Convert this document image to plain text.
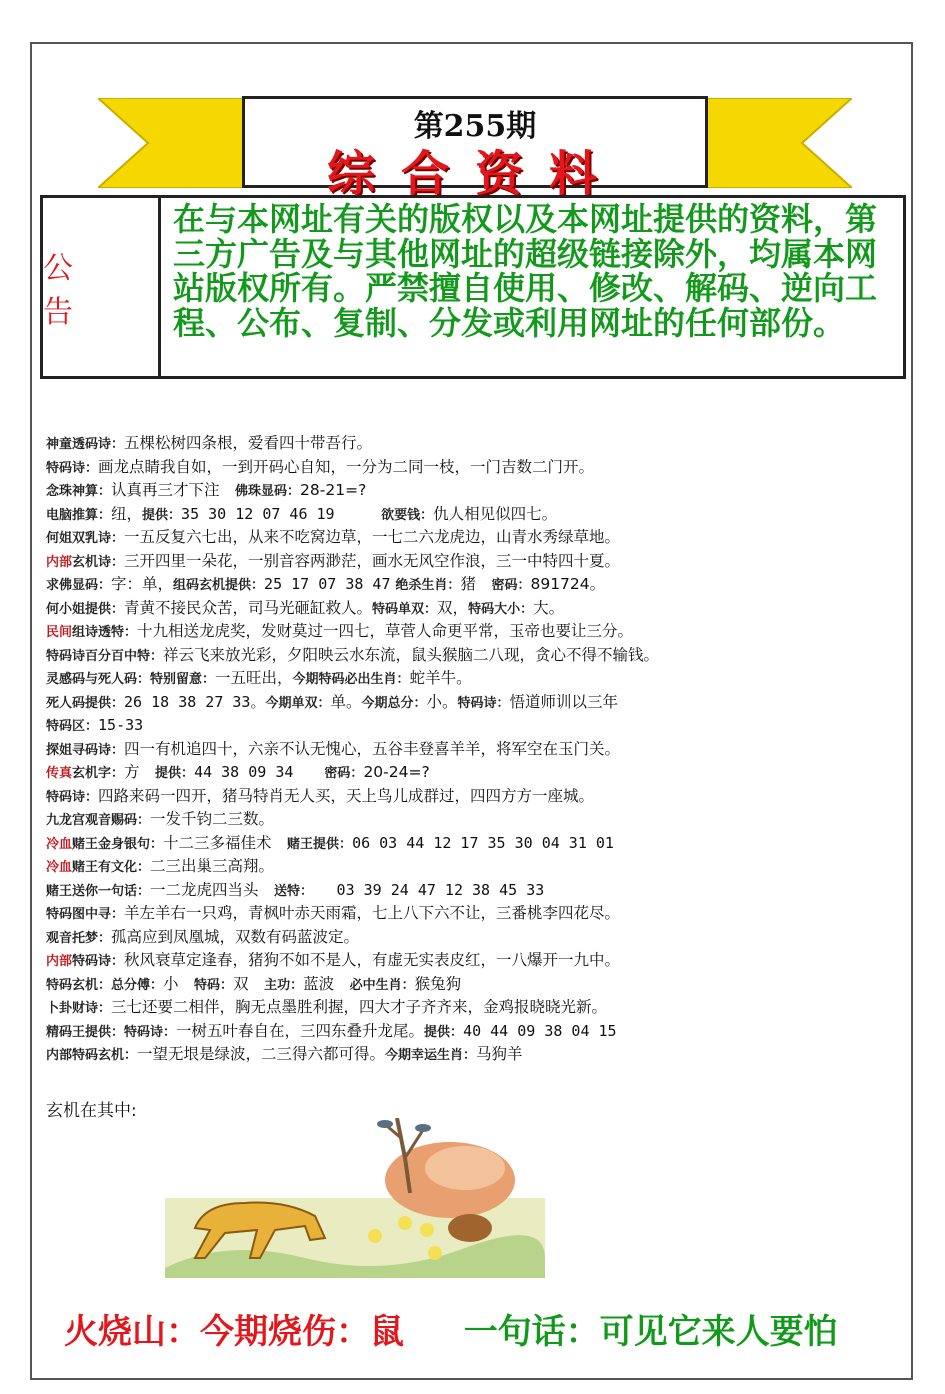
第255期
综合资料
公 告
在与本网址有关的版权以及本网址提供的资料，第三方广告及与其他网址的超级链接除外，均属本网站版权所有。严禁擅自使用、修改、解码、逆向工程、公布、复制、分发或利用网址的任何部份。
神童透码诗：五棵松树四条根，爱看四十带吾行。
特码诗：画龙点睛我自如，一到开码心自知，一分为二同一枝，一门吉数二门开。
念珠神算：认真再三才下注　佛珠显码：28-21=?
电脑推算：纽，提供：35 30 12 07 46 19　　　	欲要钱：仇人相见似四七。
何姐双乳诗：一五反复六七出，从来不吃窝边草，一七二六龙虎边，山青水秀绿草地。
内部玄机诗：三开四里一朵花，一别音容两渺茫，画水无风空作浪，三一中特四十夏。
求佛显码：字：单，组码玄机提供：25 17 07 38 47 绝杀生肖：猪　密码：891724。
何小姐提供：青黄不接民众苦，司马光砸缸救人。特码单双：双，特码大小：大。
民间组诗透特：十九相送龙虎奖，发财莫过一四七，草菅人命更平常，玉帝也要让三分。
特码诗百分百中特：祥云飞来放光彩，夕阳映云水东流，鼠头猴脑二八现，贪心不得不输钱。
灵感码与死人码：特别留意：一五旺出，今期特码必出生肖：蛇羊牛。
死人码提供：26 18 38 27 33。今期单双：单。今期总分：小。特码诗：悟道师训以三年
特码区：15-33
探姐寻码诗：四一有机追四十，六亲不认无愧心，五谷丰登喜羊羊，将军空在玉门关。
传真玄机字：方　提供：44 38 09 34　　 密码：20-24=?
特码诗：四路来码一四开，猪马特肖无人买，天上鸟儿成群过，四四方方一座城。
九龙宫观音赐码：一发千钧二三数。
冷血赌王金身银句：十二三多福佳术　赌王提供：06 03 44 12 17 35 30 04 31 01
冷血赌王有文化：二三出巢三高翔。
赌王送你一句话：一二龙虎四当头　送特：　　03 39 24 47 12 38 45 33
特码图中寻：羊左羊右一只鸡，青枫叶赤天雨霜，七上八下六不让，三番桃李四花尽。
观音托梦：孤高应到凤凰城，双数有码蓝波定。
内部特码诗：秋风衰草定逢春，猪狗不如不是人，有虚无实表皮红，一八爆开一九中。
特码玄机：总分傅：小　特码：双　主功：蓝波　必中生肖：猴兔狗
卜卦财诗：三七还要二相伴，胸无点墨胜利握，四大才子齐齐来，金鸡报晓晓光新。
精码王提供：特码诗：一树五叶春自在，三四东叠升龙尾。提供：40 44 09 38 04 15
内部特码玄机：一望无垠是绿波，二三得六都可得。今期幸运生肖：马狗羊
玄机在其中:
火烧山：今期烧伤：鼠 一句话：可见它来人要怕
